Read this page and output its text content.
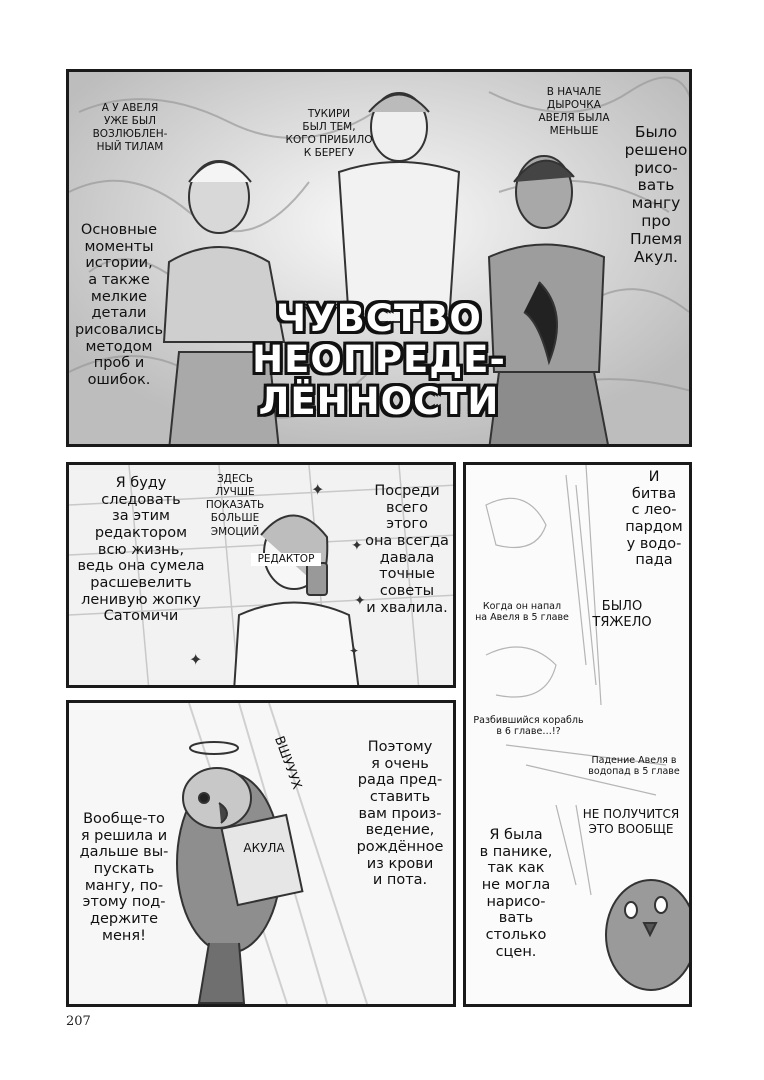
А У АВЕЛЯ
УЖЕ БЫЛ
ВОЗЛЮБЛЕН-
НЫЙ ТИЛАМ
ТУКИРИ
БЫЛ ТЕМ,
КОГО ПРИБИЛО
К БЕРЕГУ
В НАЧАЛЕ
ДЫРОЧКА
АВЕЛЯ БЫЛА
МЕНЬШЕ
Основные
моменты
истории,
а также
мелкие
детали
рисовались
методом
проб и
ошибок.
Было
решено
рисо-
вать
мангу
про
Племя
Акул.
ЧУВСТВО
НЕОПРЕДЕ-
ЛЁННОСТИ
✦
✦
✦
✦
✦
Я буду
следовать
за этим
редактором
всю жизнь,
ведь она сумела
расшевелить
ленивую жопку
Сатомичи
ЗДЕСЬ
ЛУЧШЕ
ПОКАЗАТЬ
БОЛЬШЕ
ЭМОЦИЙ
РЕДАКТОР
Посреди
всего
этого
она всегда
давала
точные
советы
и хвалила.
И
битва
с лео-
пардом
у водо-
пада
Когда он напал
на Авеля в 5 главе
БЫЛО
ТЯЖЕЛО
Разбившийся корабль
в 6 главе…!?
Падение Авеля в
водопад в 5 главе
НЕ ПОЛУЧИТСЯ
ЭТО ВООБЩЕ
Я была
в панике,
так как
не могла
нарисо-
вать
столько
сцен.
ВШУУУХ
АКУЛА
Вообще-то
я решила и
дальше вы-
пускать
мангу, по-
этому под-
держите
меня!
Поэтому
я очень
рада пред-
ставить
вам произ-
ведение,
рождённое
из крови
и пота.
207
